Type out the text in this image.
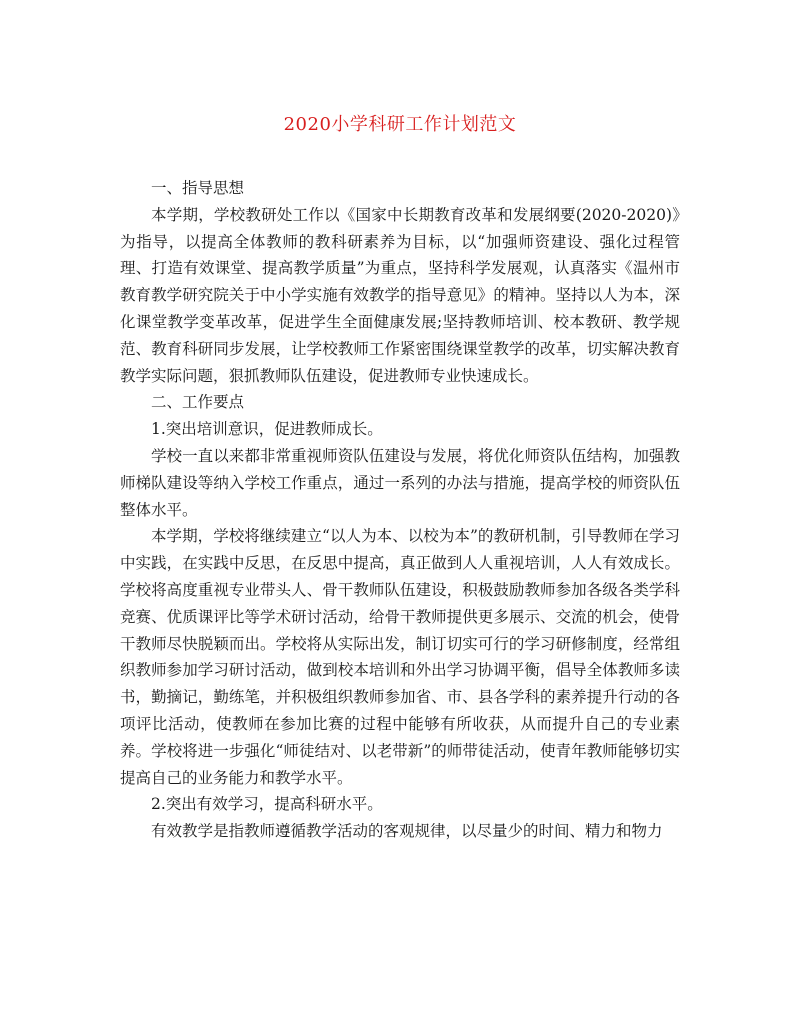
2020小学科研工作计划范文

一、指导思想

本学期，学校教研处工作以《国家中长期教育改革和发展纲要(2020-2020)》为指导，以提高全体教师的教科研素养为目标，以“加强师资建设、强化过程管理、打造有效课堂、提高教学质量”为重点，坚持科学发展观，认真落实《温州市教育教学研究院关于中小学实施有效教学的指导意见》的精神。坚持以人为本，深化课堂教学变革改革，促进学生全面健康发展;坚持教师培训、校本教研、教学规范、教育科研同步发展，让学校教师工作紧密围绕课堂教学的改革，切实解决教育教学实际问题，狠抓教师队伍建设，促进教师专业快速成长。

二、工作要点

1.突出培训意识，促进教师成长。

学校一直以来都非常重视师资队伍建设与发展，将优化师资队伍结构，加强教师梯队建设等纳入学校工作重点，通过一系列的办法与措施，提高学校的师资队伍整体水平。

本学期，学校将继续建立“以人为本、以校为本”的教研机制，引导教师在学习中实践，在实践中反思，在反思中提高，真正做到人人重视培训，人人有效成长。学校将高度重视专业带头人、骨干教师队伍建设，积极鼓励教师参加各级各类学科竞赛、优质课评比等学术研讨活动，给骨干教师提供更多展示、交流的机会，使骨干教师尽快脱颖而出。学校将从实际出发，制订切实可行的学习研修制度，经常组织教师参加学习研讨活动，做到校本培训和外出学习协调平衡，倡导全体教师多读书，勤摘记，勤练笔，并积极组织教师参加省、市、县各学科的素养提升行动的各项评比活动，使教师在参加比赛的过程中能够有所收获，从而提升自己的专业素养。学校将进一步强化“师徒结对、以老带新”的师带徒活动，使青年教师能够切实提高自己的业务能力和教学水平。

2.突出有效学习，提高科研水平。

有效教学是指教师遵循教学活动的客观规律，以尽量少的时间、精力和物力
